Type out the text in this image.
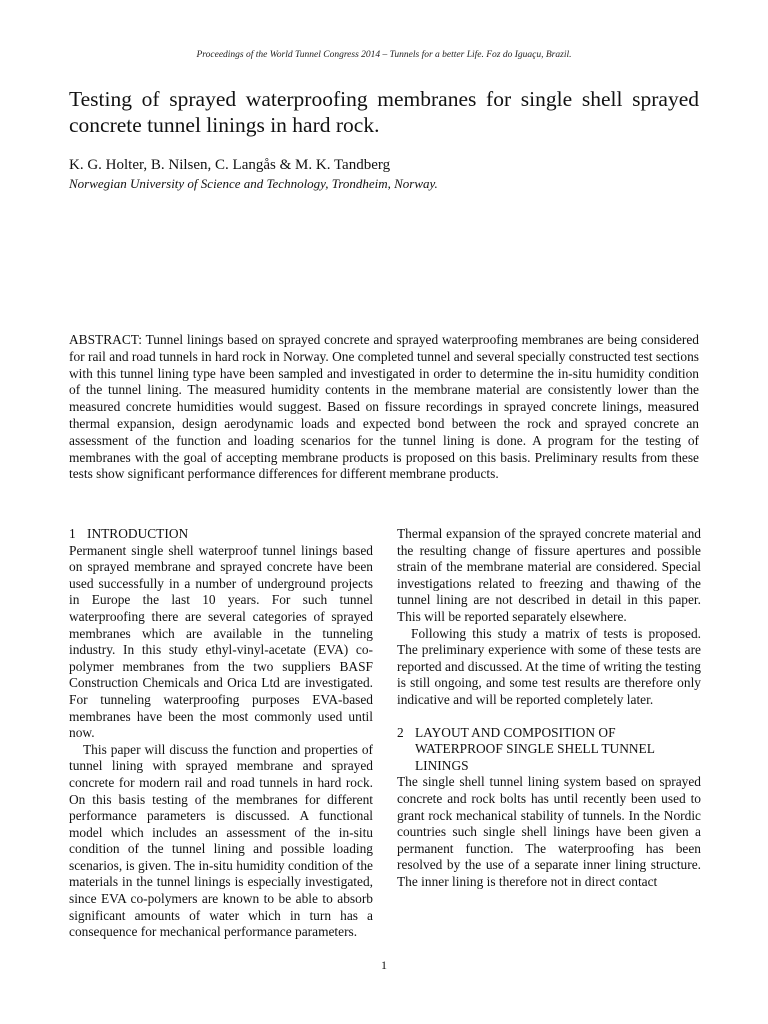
Proceedings of the World Tunnel Congress 2014 – Tunnels for a better Life. Foz do Iguaçu, Brazil.
Testing of sprayed waterproofing membranes for single shell sprayed concrete tunnel linings in hard rock.
K. G. Holter, B. Nilsen, C. Langås & M. K. Tandberg
Norwegian University of Science and Technology, Trondheim, Norway.

ABSTRACT: Tunnel linings based on sprayed concrete and sprayed waterproofing membranes are being considered for rail and road tunnels in hard rock in Norway. One completed tunnel and several specially constructed test sections with this tunnel lining type have been sampled and investigated in order to determine the in-situ humidity condition of the tunnel lining. The measured humidity contents in the membrane material are consistently lower than the measured concrete humidities would suggest. Based on fissure recordings in sprayed concrete linings, measured thermal expansion, design aerodynamic loads and expected bond between the rock and sprayed concrete an assessment of the function and loading scenarios for the tunnel lining is done. A program for the testing of membranes with the goal of accepting membrane products is proposed on this basis. Preliminary results from these tests show significant performance differences for different membrane products.

1 INTRODUCTION

Permanent single shell waterproof tunnel linings based on sprayed membrane and sprayed concrete have been used successfully in a number of underground projects in Europe the last 10 years. For such tunnel waterproofing there are several categories of sprayed membranes which are available in the tunneling industry. In this study ethyl-vinyl-acetate (EVA) co-polymer membranes from the two suppliers BASF Construction Chemicals and Orica Ltd are investigated. For tunneling waterproofing purposes EVA-based membranes have been the most commonly used until now.

This paper will discuss the function and properties of tunnel lining with sprayed membrane and sprayed concrete for modern rail and road tunnels in hard rock. On this basis testing of the membranes for different performance parameters is discussed. A functional model which includes an assessment of the in-situ condition of the tunnel lining and possible loading scenarios, is given. The in-situ humidity condition of the materials in the tunnel linings is especially investigated, since EVA co-polymers are known to be able to absorb significant amounts of water which in turn has a consequence for mechanical performance parameters.

Thermal expansion of the sprayed concrete material and the resulting change of fissure apertures and possible strain of the membrane material are considered. Special investigations related to freezing and thawing of the tunnel lining are not described in detail in this paper. This will be reported separately elsewhere.

Following this study a matrix of tests is proposed. The preliminary experience with some of these tests are reported and discussed. At the time of writing the testing is still ongoing, and some test results are therefore only indicative and will be reported completely later.

2 LAYOUT AND COMPOSITION OF WATERPROOF SINGLE SHELL TUNNEL LININGS

The single shell tunnel lining system based on sprayed concrete and rock bolts has until recently been used to grant rock mechanical stability of tunnels. In the Nordic countries such single shell linings have been given a permanent function. The waterproofing has been resolved by the use of a separate inner lining structure. The inner lining is therefore not in direct contact

1
